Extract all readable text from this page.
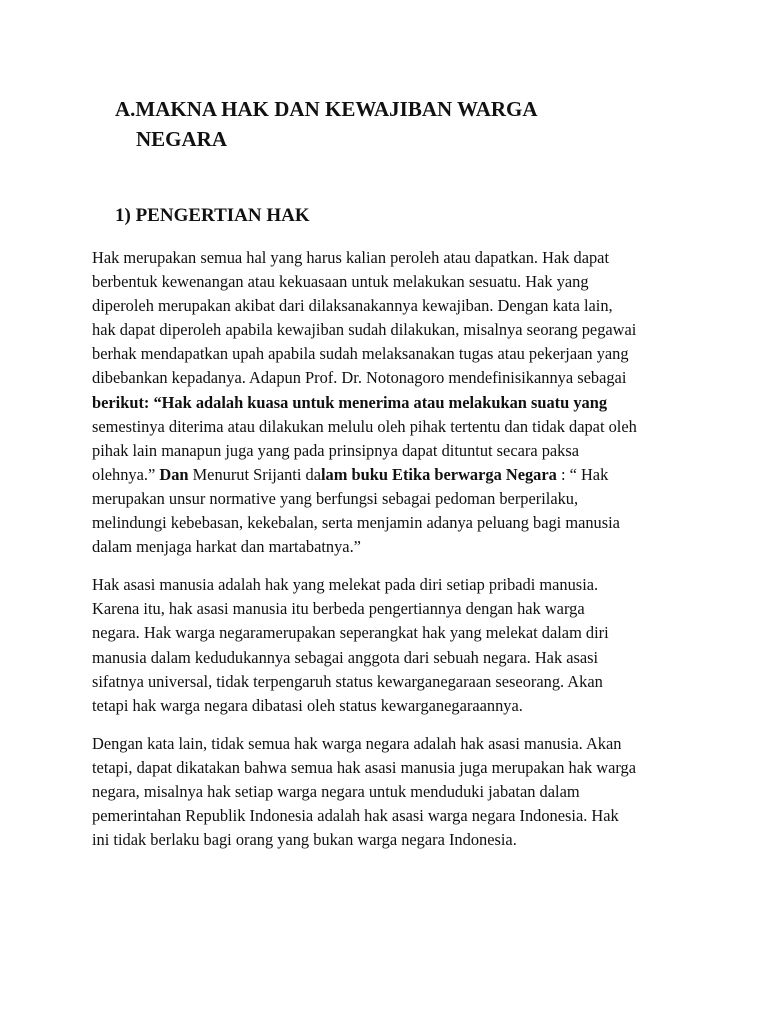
A.MAKNA HAK DAN KEWAJIBAN WARGA
NEGARA
1) PENGERTIAN HAK

Hak merupakan semua hal yang harus kalian peroleh atau dapatkan. Hak dapat
berbentuk kewenangan atau kekuasaan untuk melakukan sesuatu. Hak yang
diperoleh merupakan akibat dari dilaksanakannya kewajiban. Dengan kata lain,
hak dapat diperoleh apabila kewajiban sudah dilakukan, misalnya seorang pegawai
berhak mendapatkan upah apabila sudah melaksanakan tugas atau pekerjaan yang
dibebankan kepadanya. Adapun Prof. Dr. Notonagoro mendefinisikannya sebagai
berikut: “Hak adalah kuasa untuk menerima atau melakukan suatu yang
semestinya diterima atau dilakukan melulu oleh pihak tertentu dan tidak dapat oleh
pihak lain manapun juga yang pada prinsipnya dapat dituntut secara paksa
olehnya.” Dan Menurut Srijanti dalam buku Etika berwarga Negara : “ Hak
merupakan unsur normative yang berfungsi sebagai pedoman berperilaku,
melindungi kebebasan, kekebalan, serta menjamin adanya peluang bagi manusia
dalam menjaga harkat dan martabatnya.”

Hak asasi manusia adalah hak yang melekat pada diri setiap pribadi manusia.
Karena itu, hak asasi manusia itu berbeda pengertiannya dengan hak warga
negara. Hak warga negaramerupakan seperangkat hak yang melekat dalam diri
manusia dalam kedudukannya sebagai anggota dari sebuah negara. Hak asasi
sifatnya universal, tidak terpengaruh status kewarganegaraan seseorang. Akan
tetapi hak warga negara dibatasi oleh status kewarganegaraannya.

Dengan kata lain, tidak semua hak warga negara adalah hak asasi manusia. Akan
tetapi, dapat dikatakan bahwa semua hak asasi manusia juga merupakan hak warga
negara, misalnya hak setiap warga negara untuk menduduki jabatan dalam
pemerintahan Republik Indonesia adalah hak asasi warga negara Indonesia. Hak
ini tidak berlaku bagi orang yang bukan warga negara Indonesia.
